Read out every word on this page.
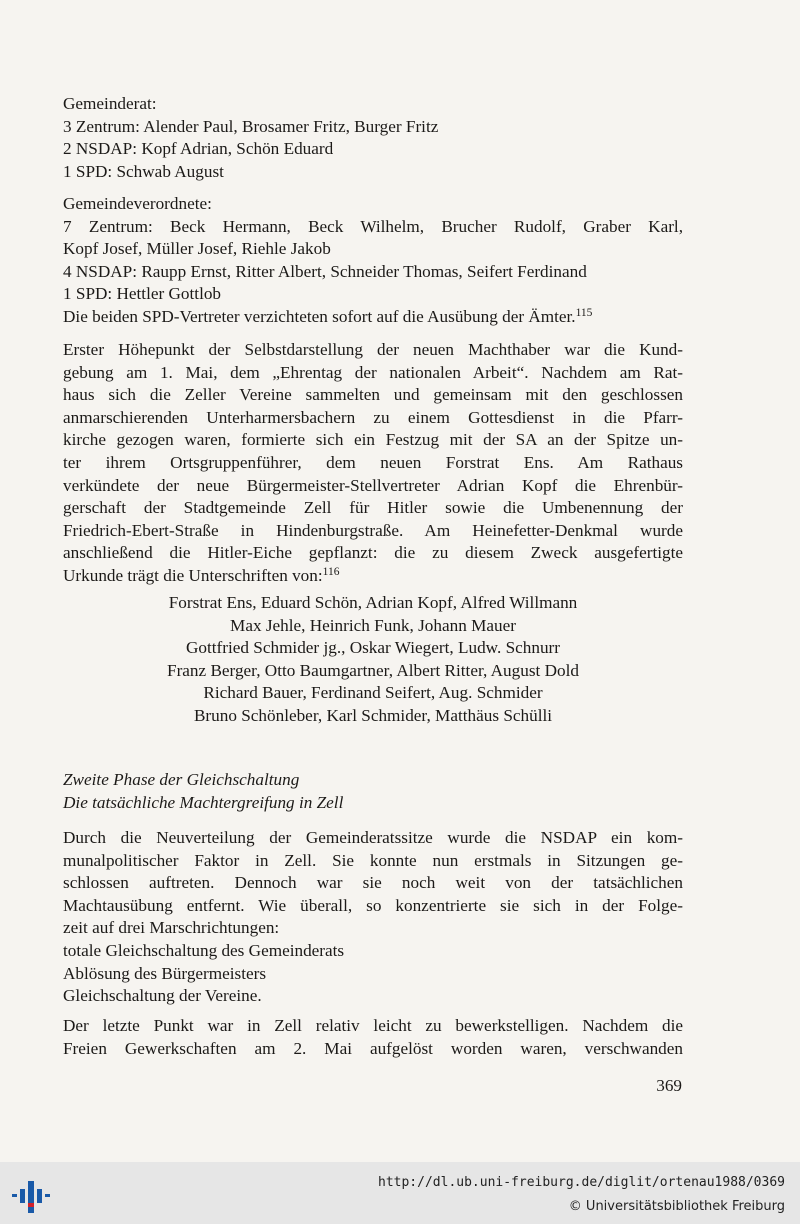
Gemeinderat:
3 Zentrum: Alender Paul, Brosamer Fritz, Burger Fritz
2 NSDAP: Kopf Adrian, Schön Eduard
1 SPD: Schwab August
Gemeindeverordnete:
7 Zentrum: Beck Hermann, Beck Wilhelm, Brucher Rudolf, Graber Karl,
Kopf Josef, Müller Josef, Riehle Jakob
4 NSDAP: Raupp Ernst, Ritter Albert, Schneider Thomas, Seifert Ferdinand
1 SPD: Hettler Gottlob
Die beiden SPD-Vertreter verzichteten sofort auf die Ausübung der Ämter.$^{115}$
Erster Höhepunkt der Selbstdarstellung der neuen Machthaber war die Kund-
gebung am 1. Mai, dem „Ehrentag der nationalen Arbeit“. Nachdem am Rat-
haus sich die Zeller Vereine sammelten und gemeinsam mit den geschlossen
anmarschierenden Unterharmersbachern zu einem Gottesdienst in die Pfarr-
kirche gezogen waren, formierte sich ein Festzug mit der SA an der Spitze un-
ter ihrem Ortsgruppenführer, dem neuen Forstrat Ens. Am Rathaus
verkündete der neue Bürgermeister-Stellvertreter Adrian Kopf die Ehrenbür-
gerschaft der Stadtgemeinde Zell für Hitler sowie die Umbenennung der
Friedrich-Ebert-Straße in Hindenburgstraße. Am Heinefetter-Denkmal wurde
anschließend die Hitler-Eiche gepflanzt: die zu diesem Zweck ausgefertigte
Urkunde trägt die Unterschriften von:$^{116}$
Forstrat Ens, Eduard Schön, Adrian Kopf, Alfred Willmann
Max Jehle, Heinrich Funk, Johann Mauer
Gottfried Schmider jg., Oskar Wiegert, Ludw. Schnurr
Franz Berger, Otto Baumgartner, Albert Ritter, August Dold
Richard Bauer, Ferdinand Seifert, Aug. Schmider
Bruno Schönleber, Karl Schmider, Matthäus Schülli
Zweite Phase der Gleichschaltung
Die tatsächliche Machtergreifung in Zell
Durch die Neuverteilung der Gemeinderatssitze wurde die NSDAP ein kom-
munalpolitischer Faktor in Zell. Sie konnte nun erstmals in Sitzungen ge-
schlossen auftreten. Dennoch war sie noch weit von der tatsächlichen
Machtausübung entfernt. Wie überall, so konzentrierte sie sich in der Folge-
zeit auf drei Marschrichtungen:
totale Gleichschaltung des Gemeinderats
Ablösung des Bürgermeisters
Gleichschaltung der Vereine.
Der letzte Punkt war in Zell relativ leicht zu bewerkstelligen. Nachdem die
Freien Gewerkschaften am 2. Mai aufgelöst worden waren, verschwanden
369
http://dl.ub.uni-freiburg.de/diglit/ortenau1988/0369
© Universitätsbibliothek Freiburg
